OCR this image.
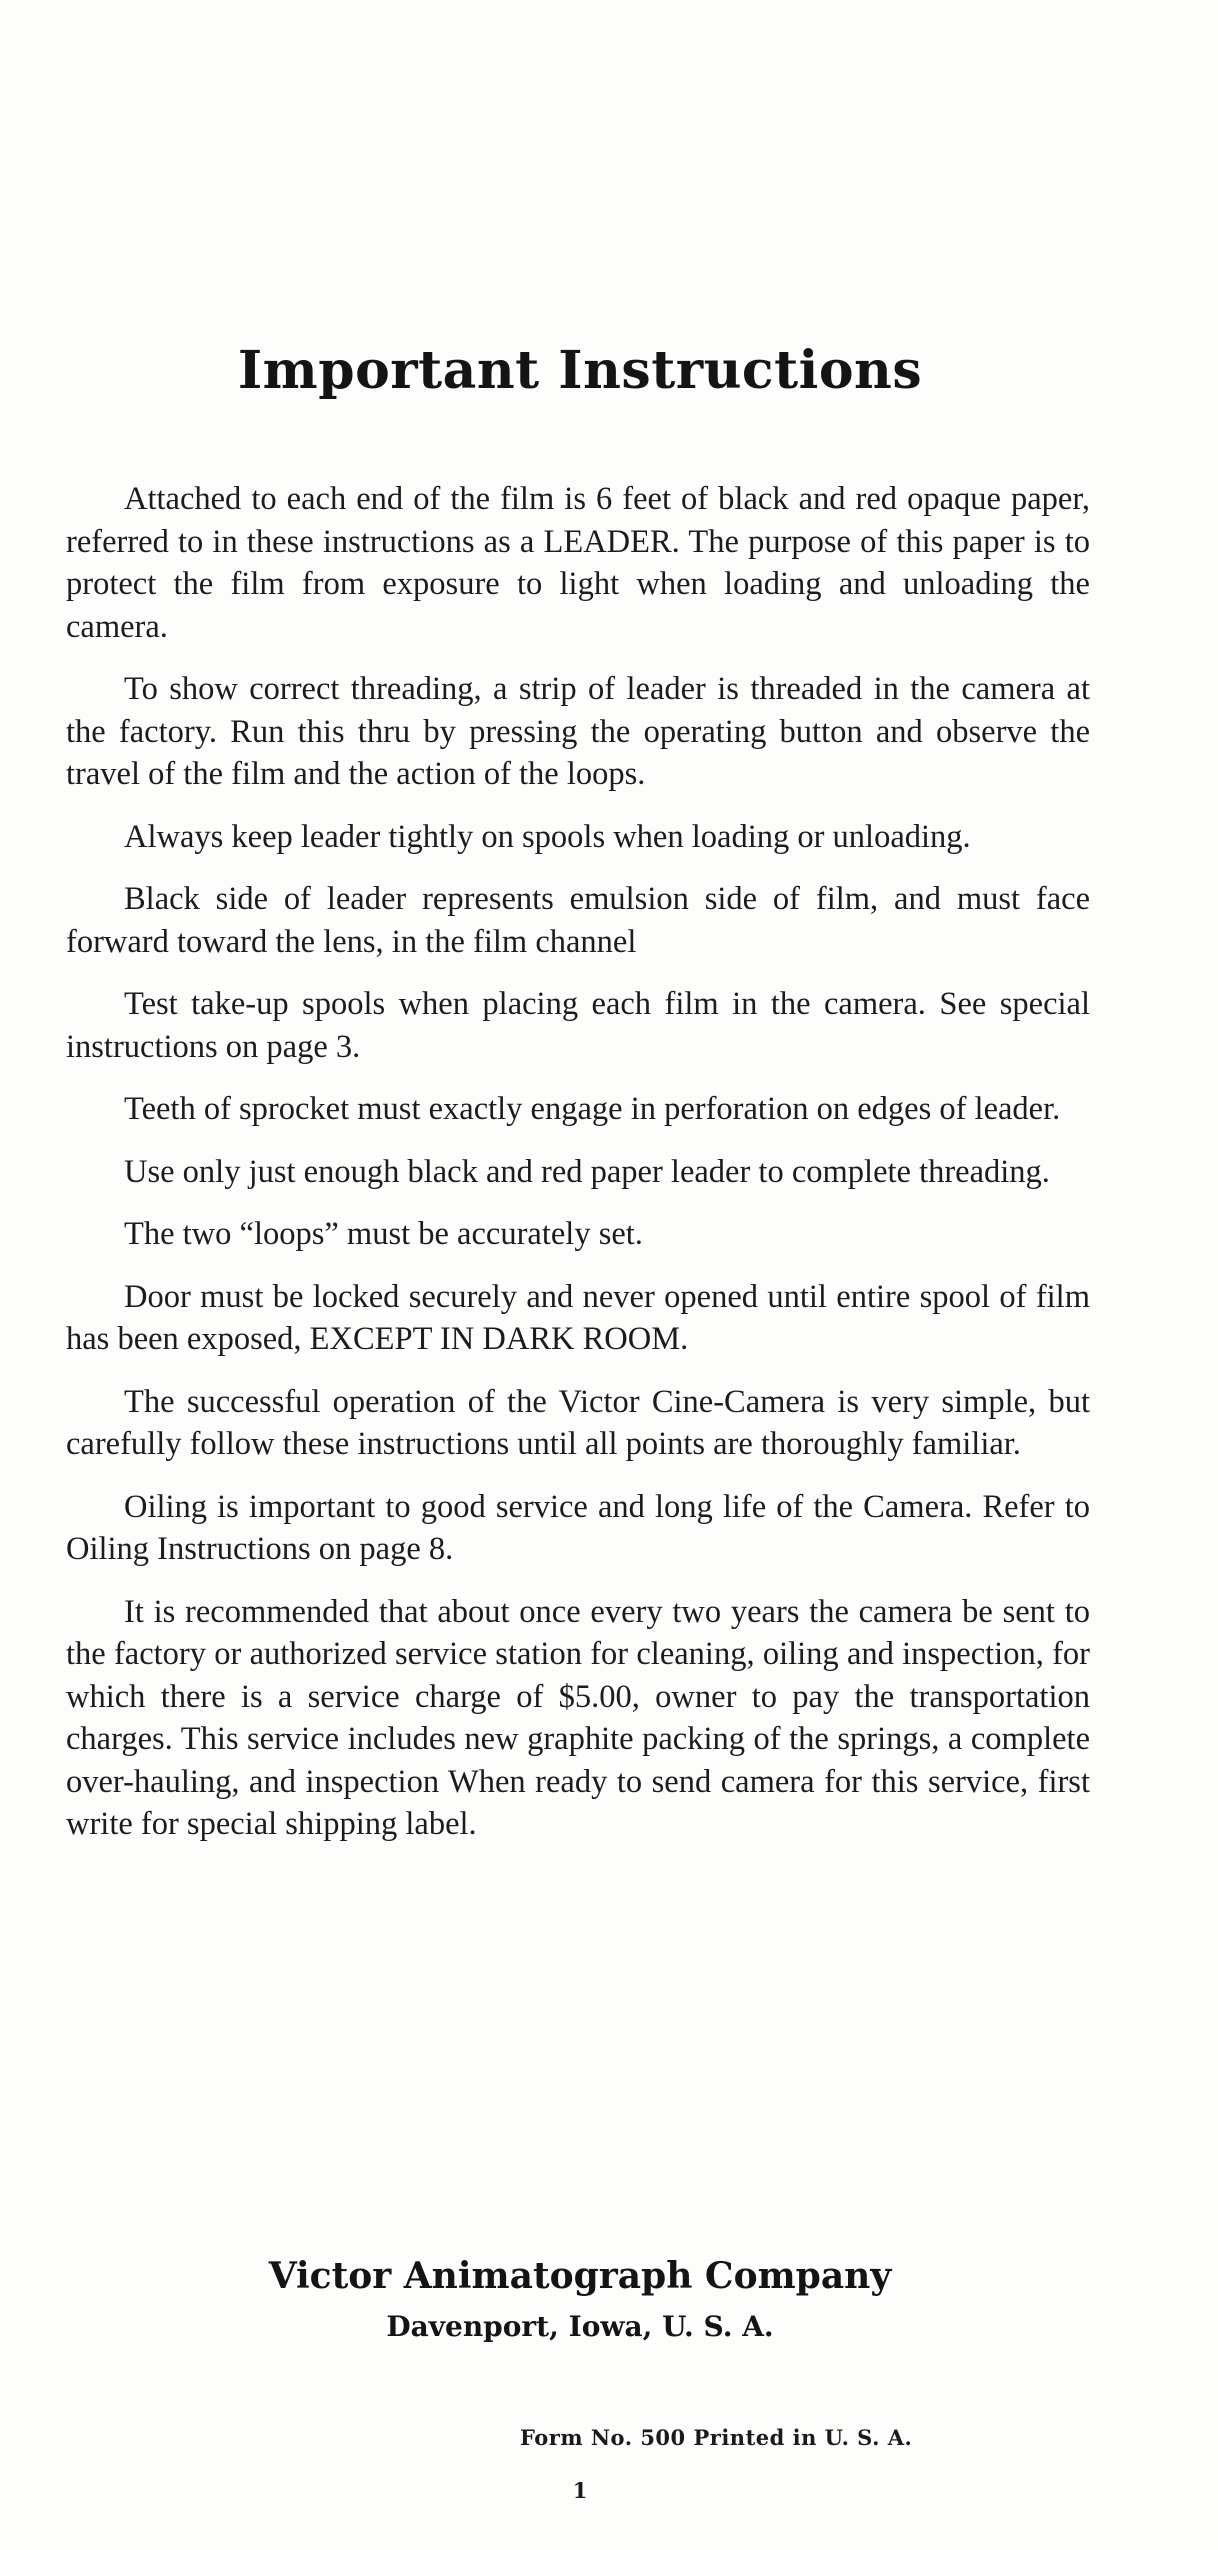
Important Instructions

Attached to each end of the film is 6 feet of black and red opaque paper, referred to in these instructions as a LEADER. The purpose of this paper is to protect the film from exposure to light when loading and unloading the camera.

To show correct threading, a strip of leader is threaded in the camera at the factory. Run this thru by pressing the operating button and observe the travel of the film and the action of the loops.

Always keep leader tightly on spools when loading or unloading.

Black side of leader represents emulsion side of film, and must face forward toward the lens, in the film channel

Test take-up spools when placing each film in the camera. See special instructions on page 3.

Teeth of sprocket must exactly engage in perforation on edges of leader.

Use only just enough black and red paper leader to complete threading.

The two “loops” must be accurately set.

Door must be locked securely and never opened until entire spool of film has been exposed, EXCEPT IN DARK ROOM.

The successful operation of the Victor Cine-Camera is very simple, but carefully follow these instructions until all points are thoroughly familiar.

Oiling is important to good service and long life of the Camera. Refer to Oiling Instructions on page 8.

It is recommended that about once every two years the camera be sent to the factory or authorized service station for cleaning, oiling and inspection, for which there is a service charge of $5.00, owner to pay the transportation charges. This service includes new graphite packing of the springs, a complete over-hauling, and inspection When ready to send camera for this service, first write for special shipping label.

Victor Animatograph Company
Davenport, Iowa, U. S. A.
Form No. 500 Printed in U. S. A.
1
